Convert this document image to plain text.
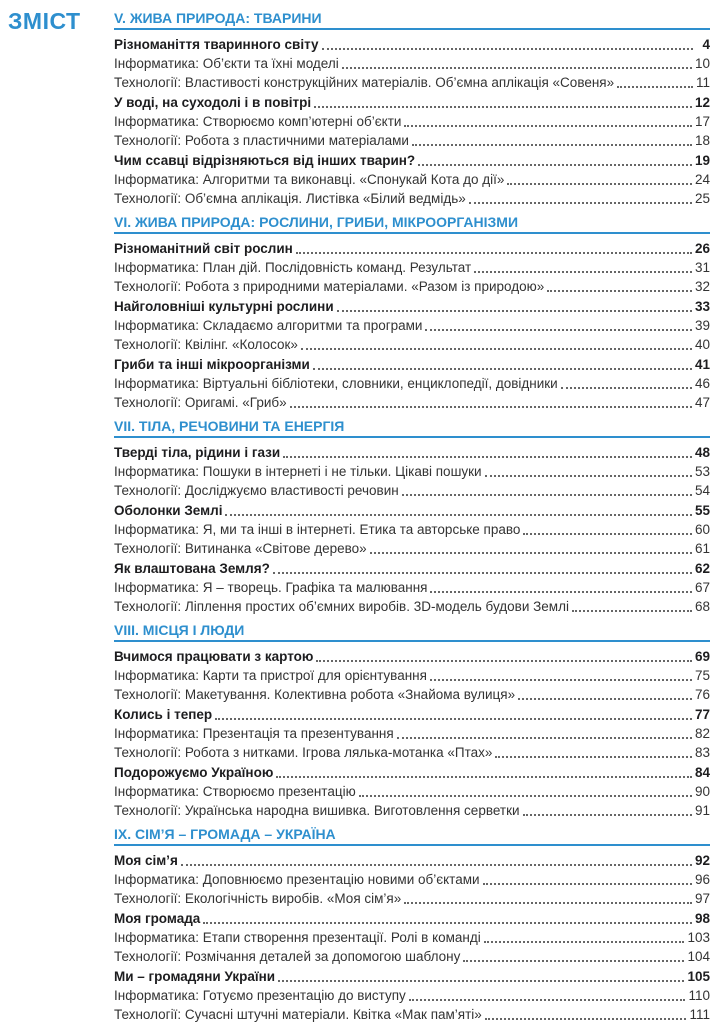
ЗМІСТ V. ЖИВА ПРИРОДА: ТВАРИНИ
Різноманіття тваринного світу	4
Інформатика: Об’єкти та їхні моделі	10
Технології: Властивості конструкційних матеріалів. Об’ємна аплікація «Совеня»	11
У воді, на суходолі і в повітрі	12
Інформатика: Створюємо комп’ютерні об’єкти	17
Технології: Робота з пластичними матеріалами	18
Чим ссавці відрізняються від інших тварин?	19
Інформатика: Алгоритми та виконавці. «Спонукай Кота до дії»	24
Технології: Об’ємна аплікація. Листівка «Білий ведмідь»	25
VI. ЖИВА ПРИРОДА: РОСЛИНИ, ГРИБИ, МІКРООРГАНІЗМИ
Різноманітний світ рослин	26
Інформатика: План дій. Послідовність команд. Результат	31
Технології: Робота з природними матеріалами. «Разом із природою»	32
Найголовніші культурні рослини	33
Інформатика: Складаємо алгоритми та програми	39
Технології: Квілінг. «Колосок»	40
Гриби та інші мікроорганізми	41
Інформатика: Віртуальні бібліотеки, словники, енциклопедії, довідники	46
Технології: Оригамі. «Гриб»	47
VII. ТІЛА, РЕЧОВИНИ ТА ЕНЕРГІЯ
Тверді тіла, рідини і гази	48
Інформатика: Пошуки в інтернеті і не тільки. Цікаві пошуки	53
Технології: Досліджуємо властивості речовин	54
Оболонки Землі	55
Інформатика: Я, ми та інші в інтернеті. Етика та авторське право	60
Технології: Витинанка «Світове дерево»	61
Як влаштована Земля?	62
Інформатика: Я – творець. Графіка та малювання	67
Технології: Ліплення простих об’ємних виробів. 3D-модель будови Землі	68
VIII. МІСЦЯ І ЛЮДИ
Вчимося працювати з картою	69
Інформатика: Карти та пристрої для орієнтування	75
Технології: Макетування. Колективна робота «Знайома вулиця»	76
Колись і тепер	77
Інформатика: Презентація та презентування	82
Технології: Робота з нитками. Ігрова лялька-мотанка «Птах»	83
Подорожуємо Україною	84
Інформатика: Створюємо презентацію	90
Технології: Українська народна вишивка. Виготовлення серветки	91
IX. СІМ’Я – ГРОМАДА – УКРАЇНА
Моя сім’я	92
Інформатика: Доповнюємо презентацію новими об’єктами	96
Технології: Екологічність виробів. «Моя сім’я»	97
Моя громада	98
Інформатика: Етапи створення презентації. Ролі в команді	103
Технології: Розмічання деталей за допомогою шаблону	104
Ми – громадяни України	105
Інформатика: Готуємо презентацію до виступу	110
Технології: Сучасні штучні матеріали. Квітка «Мак пам’яті»	111
